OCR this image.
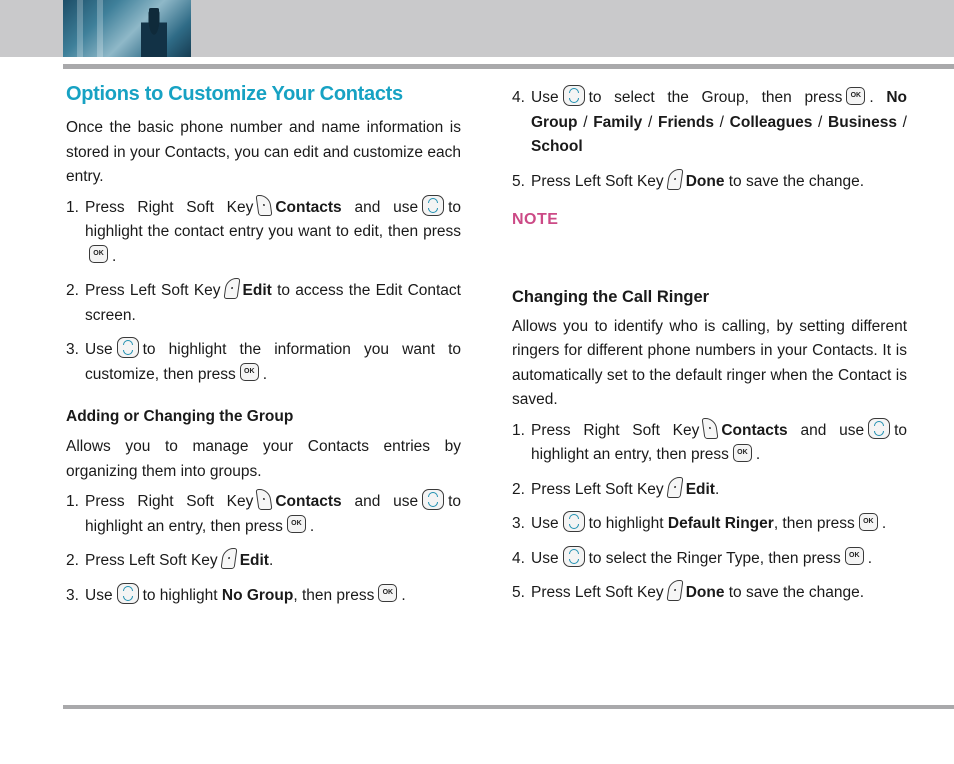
Options to Customize Your Contacts

Once the basic phone number and name information is stored in your Contacts, you can edit and customize each entry.

1. Press Right Soft Key Contacts and use to highlight the contact entry you want to edit, then press OK .
2. Press Left Soft Key Edit to access the Edit Contact screen.
3. Use to highlight the information you want to customize, then press OK .
Adding or Changing the Group

Allows you to manage your Contacts entries by organizing them into groups.

1. Press Right Soft Key Contacts and use to highlight an entry, then press OK .
2. Press Left Soft Key Edit.
3. Use to highlight No Group, then press OK .
4. Use to select the Group, then press OK . No Group / Family / Friends / Colleagues / Business / School
5. Press Left Soft Key Done to save the change.
NOTE
Changing the Call Ringer

Allows you to identify who is calling, by setting different ringers for different phone numbers in your Contacts. It is automatically set to the default ringer when the Contact is saved.

1. Press Right Soft Key Contacts and use to highlight an entry, then press OK .
2. Press Left Soft Key Edit.
3. Use to highlight Default Ringer, then press OK .
4. Use to select the Ringer Type, then press OK .
5. Press Left Soft Key Done to save the change.
